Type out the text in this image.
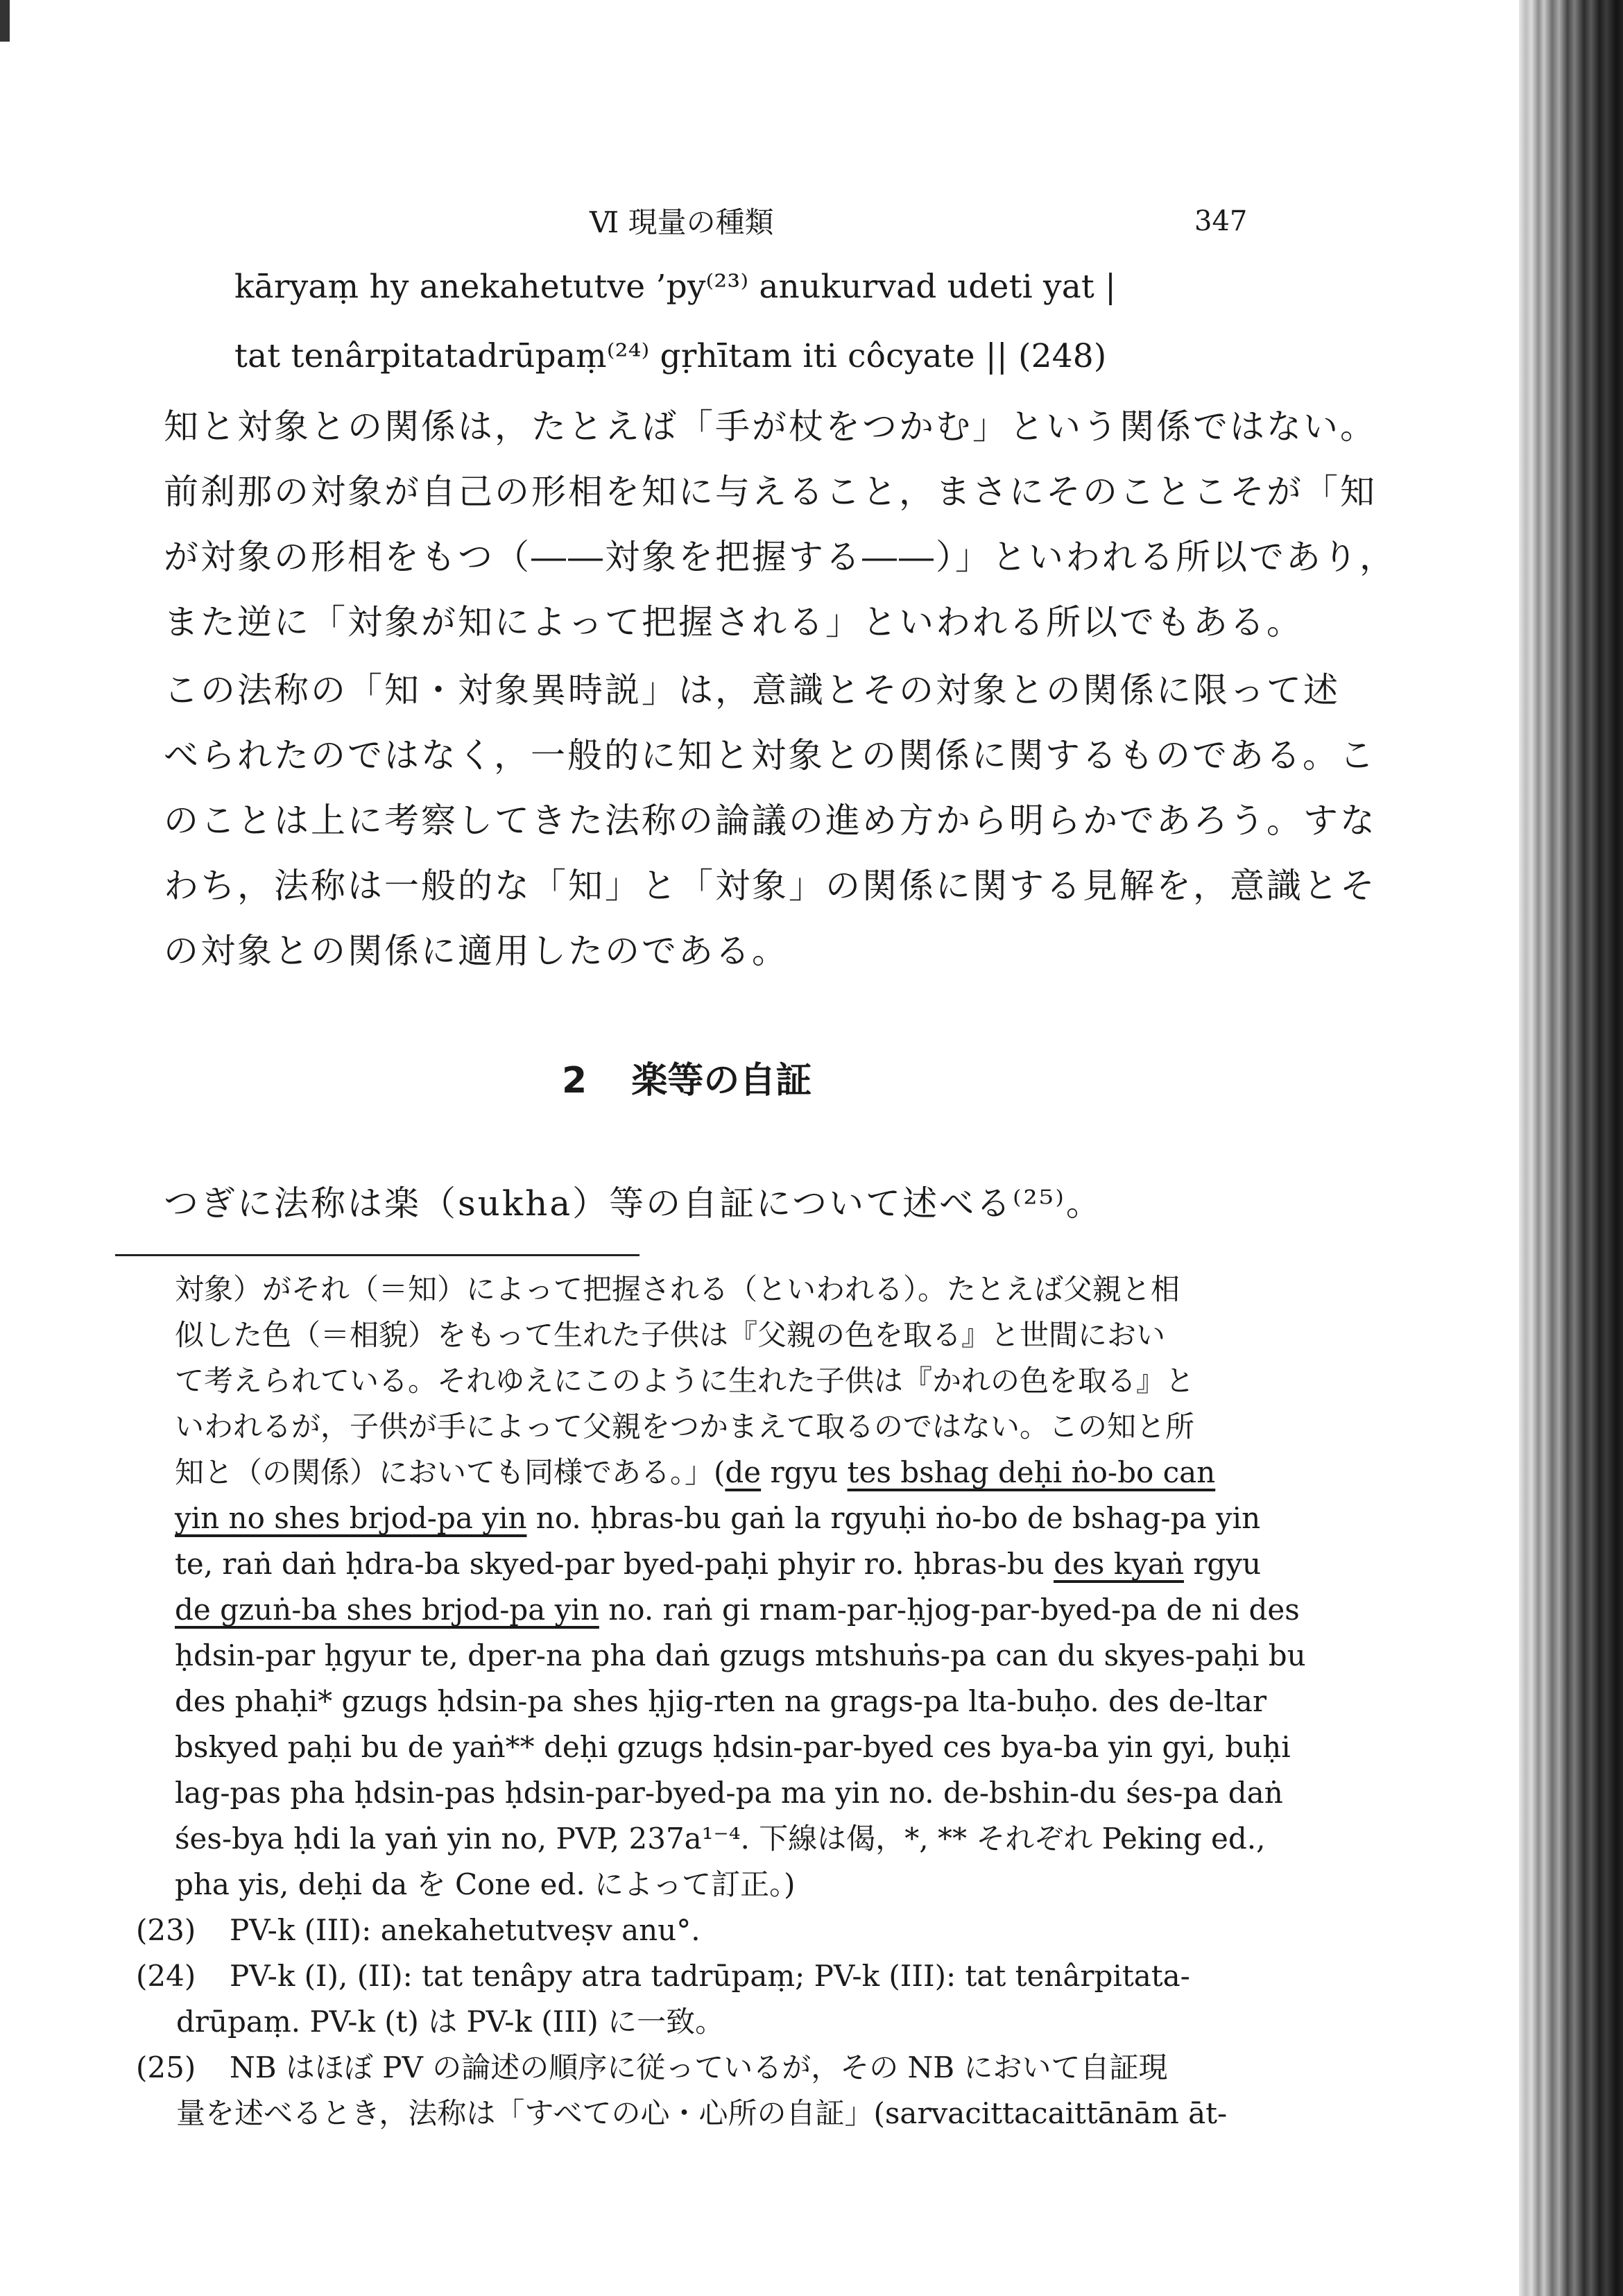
Ⅵ 現量の種類	347
kāryaṃ hy anekahetutve ’py⁽²³⁾ anukurvad udeti yat |
tat tenârpitatadrūpaṃ⁽²⁴⁾ gṛhītam iti côcyate || (248)
知と対象との関係は，たとえば「手が杖をつかむ」という関係ではない。
前刹那の対象が自己の形相を知に与えること，まさにそのことこそが「知
が対象の形相をもつ（――対象を把握する――）」といわれる所以であり，
また逆に「対象が知によって把握される」といわれる所以でもある。
この法称の「知・対象異時説」は，意識とその対象との関係に限って述
べられたのではなく，一般的に知と対象との関係に関するものである。こ
のことは上に考察してきた法称の論議の進め方から明らかであろう。すな
わち，法称は一般的な「知」と「対象」の関係に関する見解を，意識とそ
の対象との関係に適用したのである。
2 楽等の自証
つぎに法称は楽（sukha）等の自証について述べる⁽²⁵⁾。
対象）がそれ（＝知）によって把握される（といわれる）。たとえば父親と相
似した色（＝相貌）をもって生れた子供は『父親の色を取る』と世間におい
て考えられている。それゆえにこのように生れた子供は『かれの色を取る』と
いわれるが，子供が手によって父親をつかまえて取るのではない。この知と所
知と（の関係）においても同様である。」(de rgyu tes bshag deḥi ṅo-bo can
yin no shes brjod-pa yin no. ḥbras-bu gaṅ la rgyuḥi ṅo-bo de bshag-pa yin
te, raṅ daṅ ḥdra-ba skyed-par byed-paḥi phyir ro. ḥbras-bu des kyaṅ rgyu
de gzuṅ-ba shes brjod-pa yin no. raṅ gi rnam-par-ḥjog-par-byed-pa de ni des
ḥdsin-par ḥgyur te, dper-na pha daṅ gzugs mtshuṅs-pa can du skyes-paḥi bu
des phaḥi* gzugs ḥdsin-pa shes ḥjig-rten na grags-pa lta-buḥo. des de-ltar
bskyed paḥi bu de yaṅ** deḥi gzugs ḥdsin-par-byed ces bya-ba yin gyi, buḥi
lag-pas pha ḥdsin-pas ḥdsin-par-byed-pa ma yin no. de-bshin-du śes-pa daṅ
śes-bya ḥdi la yaṅ yin no, PVP, 237a¹⁻⁴. 下線は偈，*, ** それぞれ Peking ed.,
pha yis, deḥi da を Cone ed. によって訂正。)
(23) PV-k (III): anekahetutveṣv anu°.
(24) PV-k (I), (II): tat tenâpy atra tadrūpaṃ; PV-k (III): tat tenârpitata-
drūpaṃ. PV-k (t) は PV-k (III) に一致。
(25) NB はほぼ PV の論述の順序に従っているが，その NB において自証現
量を述べるとき，法称は「すべての心・心所の自証」(sarvacittacaittānām āt-
